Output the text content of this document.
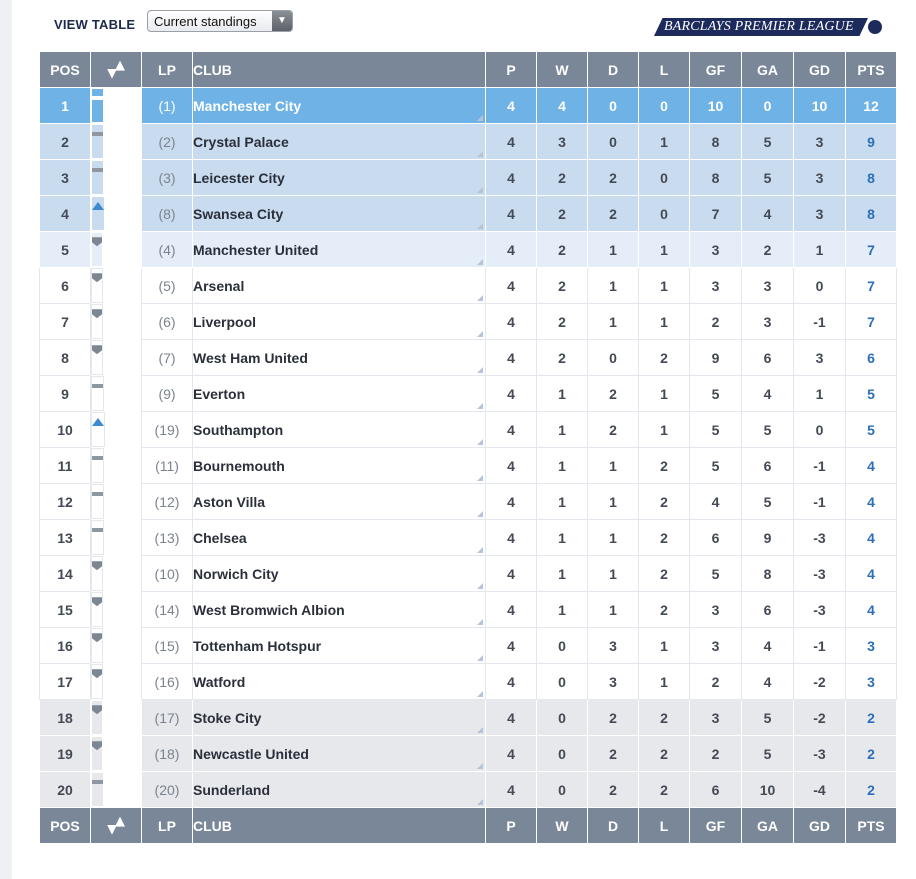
VIEW TABLE Current standings	▼	BARCLAYS PREMIER LEAGUE
POS		LP	CLUB	P	W	D	L	GF	GA	GD	PTS
1	(1)	Manchester City	4	4	0	0	10	0	10	12
2	(2)	Crystal Palace	4	3	0	1	8	5	3	9
3	(3)	Leicester City	4	2	2	0	8	5	3	8
4	(8)	Swansea City	4	2	2	0	7	4	3	8
5	(4)	Manchester United	4	2	1	1	3	2	1	7
6	(5)	Arsenal	4	2	1	1	3	3	0	7
7	(6)	Liverpool	4	2	1	1	2	3	-1	7
8	(7)	West Ham United	4	2	0	2	9	6	3	6
9	(9)	Everton	4	1	2	1	5	4	1	5
10	(19)	Southampton	4	1	2	1	5	5	0	5
11	(11)	Bournemouth	4	1	1	2	5	6	-1	4
12	(12)	Aston Villa	4	1	1	2	4	5	-1	4
13	(13)	Chelsea	4	1	1	2	6	9	-3	4
14	(10)	Norwich City	4	1	1	2	5	8	-3	4
15	(14)	West Bromwich Albion	4	1	1	2	3	6	-3	4
16	(15)	Tottenham Hotspur	4	0	3	1	3	4	-1	3
17	(16)	Watford	4	0	3	1	2	4	-2	3
18	(17)	Stoke City	4	0	2	2	3	5	-2	2
19	(18)	Newcastle United	4	0	2	2	2	5	-3	2
20	(20)	Sunderland	4	0	2	2	6	10	-4	2
POS		LP	CLUB	P	W	D	L	GF	GA	GD	PTS
